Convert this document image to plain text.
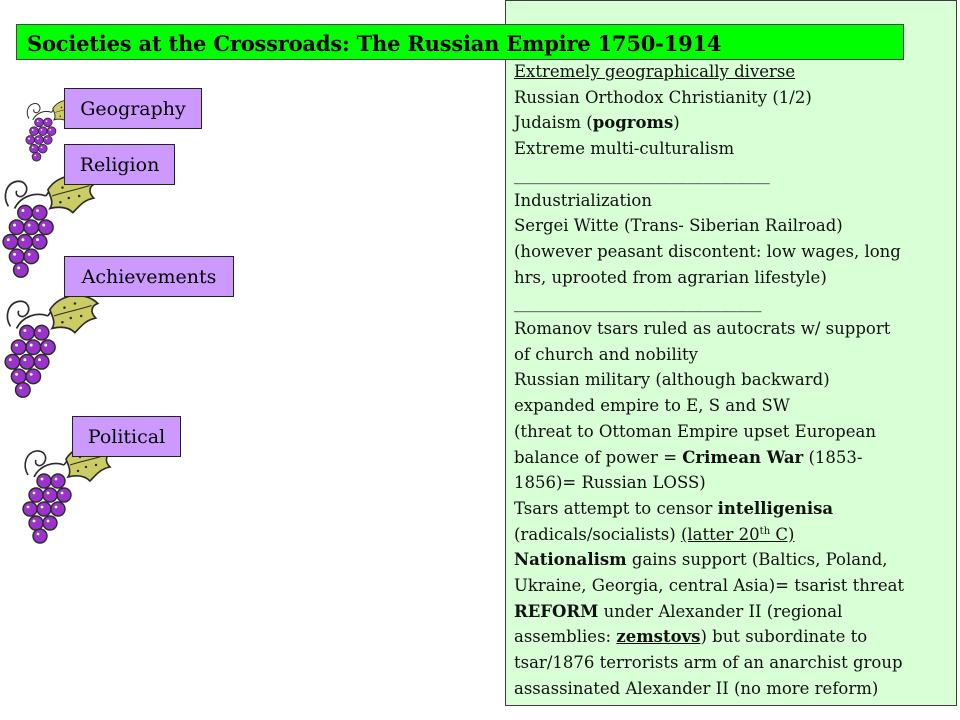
Societies at the Crossroads: The Russian Empire 1750-1914
Geography
Religion
Achievements
Political
Extremely geographically diverse
Russian Orthodox Christianity (1/2)
Judaism (pogroms)
Extreme multi-culturalism
_______________________________
Industrialization
Sergei Witte (Trans- Siberian Railroad)
(however peasant discontent: low wages, long
hrs, uprooted from agrarian lifestyle)
______________________________
Romanov tsars ruled as autocrats w/ support
of church and nobility
Russian military (although backward)
expanded empire to E, S and SW
(threat to Ottoman Empire upset European
balance of power = Crimean War (1853-
1856)= Russian LOSS)
Tsars attempt to censor intelligenisa
(radicals/socialists) (latter 20th C)
Nationalism gains support (Baltics, Poland,
Ukraine, Georgia, central Asia)= tsarist threat
REFORM under Alexander II (regional
assemblies: zemstovs) but subordinate to
tsar/1876 terrorists arm of an anarchist group
assassinated Alexander II (no more reform)
